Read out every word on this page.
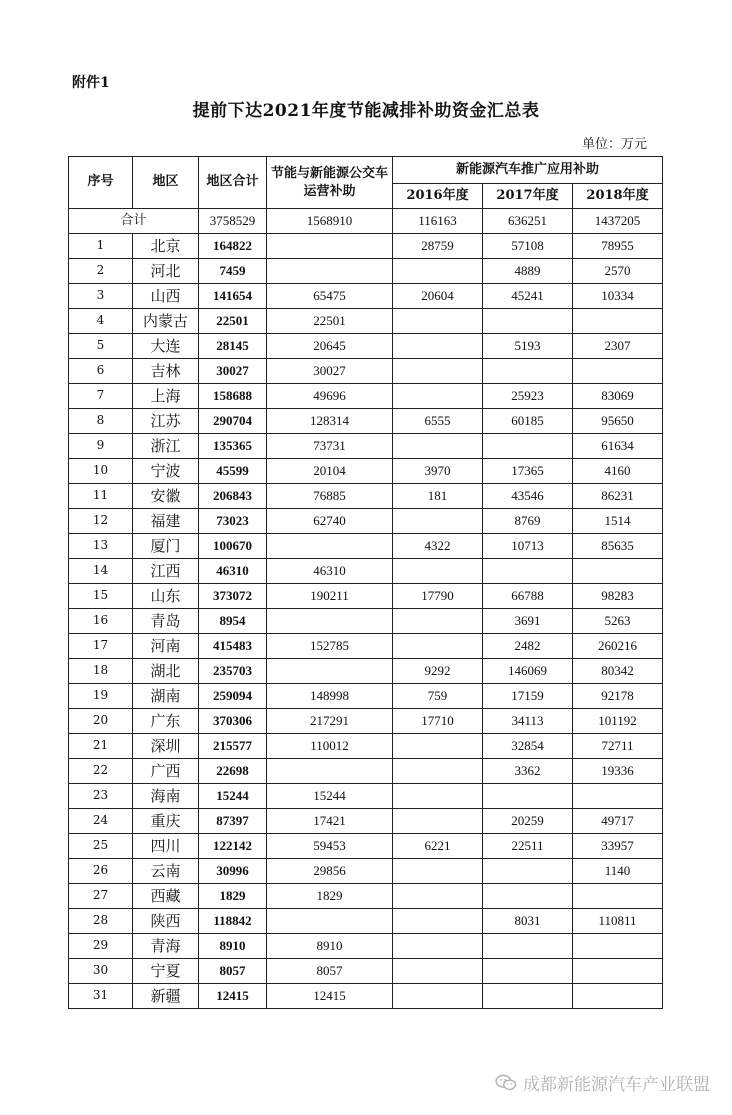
附件1
提前下达2021年度节能减排补助资金汇总表
单位：万元
序号	地区	地区合计	节能与新能源公交车运营补助	新能源汽车推广应用补助		
				2016年度	2017年度	2018年度
合计		3758529	1568910	116163	636251	1437205
1	北京	164822		28759	57108	78955
2	河北	7459			4889	2570
3	山西	141654	65475	20604	45241	10334
4	内蒙古	22501	22501			
5	大连	28145	20645		5193	2307
6	吉林	30027	30027			
7	上海	158688	49696		25923	83069
8	江苏	290704	128314	6555	60185	95650
9	浙江	135365	73731			61634
10	宁波	45599	20104	3970	17365	4160
11	安徽	206843	76885	181	43546	86231
12	福建	73023	62740		8769	1514
13	厦门	100670		4322	10713	85635
14	江西	46310	46310			
15	山东	373072	190211	17790	66788	98283
16	青岛	8954			3691	5263
17	河南	415483	152785		2482	260216
18	湖北	235703		9292	146069	80342
19	湖南	259094	148998	759	17159	92178
20	广东	370306	217291	17710	34113	101192
21	深圳	215577	110012		32854	72711
22	广西	22698			3362	19336
23	海南	15244	15244			
24	重庆	87397	17421		20259	49717
25	四川	122142	59453	6221	22511	33957
26	云南	30996	29856			1140
27	西藏	1829	1829			
28	陕西	118842			8031	110811
29	青海	8910	8910			
30	宁夏	8057	8057			
31	新疆	12415	12415			
成都新能源汽车产业联盟
